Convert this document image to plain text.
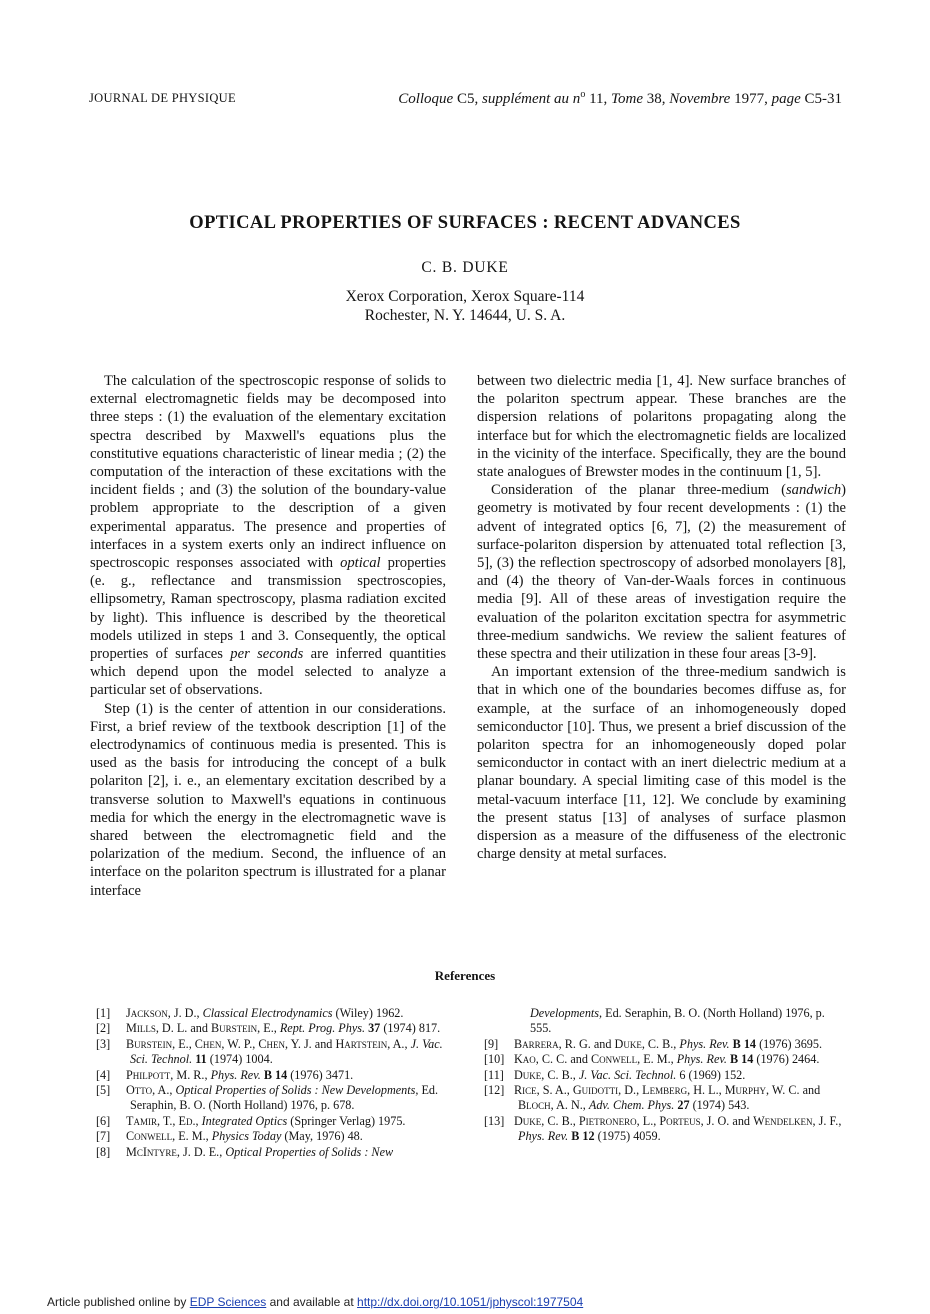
JOURNAL DE PHYSIQUE	Colloque C5, supplément au $n^o$ 11, Tome 38, Novembre 1977, page C5-31
OPTICAL PROPERTIES OF SURFACES : RECENT ADVANCES
C. B. DUKE
Xerox Corporation, Xerox Square-114
Rochester, N. Y. 14644, U. S. A.

The calculation of the spectroscopic response of solids to external electromagnetic fields may be decomposed into three steps : (1) the evaluation of the elementary excitation spectra described by Maxwell's equations plus the constitutive equations characteristic of linear media ; (2) the computation of the interaction of these excitations with the incident fields ; and (3) the solution of the boundary-value problem appropriate to the description of a given experimental apparatus. The presence and properties of interfaces in a system exerts only an indirect influence on spectroscopic responses associated with optical properties (e. g., reflectance and transmission spectroscopies, ellipsometry, Raman spectroscopy, plasma radiation excited by light). This influence is described by the theoretical models utilized in steps 1 and 3. Consequently, the optical properties of surfaces per seconds are inferred quantities which depend upon the model selected to analyze a particular set of observations.

Step (1) is the center of attention in our considerations. First, a brief review of the textbook description [1] of the electrodynamics of continuous media is presented. This is used as the basis for introducing the concept of a bulk polariton [2], i. e., an elementary excitation described by a transverse solution to Maxwell's equations in continuous media for which the energy in the electromagnetic wave is shared between the electromagnetic field and the polarization of the medium. Second, the influence of an interface on the polariton spectrum is illustrated for a planar interface

between two dielectric media [1, 4]. New surface branches of the polariton spectrum appear. These branches are the dispersion relations of polaritons propagating along the interface but for which the electromagnetic fields are localized in the vicinity of the interface. Specifically, they are the bound state analogues of Brewster modes in the continuum [1, 5].

Consideration of the planar three-medium (sandwich) geometry is motivated by four recent developments : (1) the advent of integrated optics [6, 7], (2) the measurement of surface-polariton dispersion by attenuated total reflection [3, 5], (3) the reflection spectroscopy of adsorbed monolayers [8], and (4) the theory of Van-der-Waals forces in continuous media [9]. All of these areas of investigation require the evaluation of the polariton excitation spectra for asymmetric three-medium sandwichs. We review the salient features of these spectra and their utilization in these four areas [3-9].

An important extension of the three-medium sandwich is that in which one of the boundaries becomes diffuse as, for example, at the surface of an inhomogeneously doped semiconductor [10]. Thus, we present a brief discussion of the polariton spectra for an inhomogeneously doped polar semiconductor in contact with an inert dielectric medium at a planar boundary. A special limiting case of this model is the metal-vacuum interface [11, 12]. We conclude by examining the present status [13] of analyses of surface plasmon dispersion as a measure of the diffuseness of the electronic charge density at metal surfaces.

References
[1] Jackson, J. D., Classical Electrodynamics (Wiley) 1962.
[2] Mills, D. L. and Burstein, E., Rept. Prog. Phys. 37 (1974) 817.
[3] Burstein, E., Chen, W. P., Chen, Y. J. and Hartstein, A., J. Vac. Sci. Technol. 11 (1974) 1004.
[4] Philpott, M. R., Phys. Rev. B 14 (1976) 3471.
[5] Otto, A., Optical Properties of Solids : New Developments, Ed. Seraphin, B. O. (North Holland) 1976, p. 678.
[6] Tamir, T., Ed., Integrated Optics (Springer Verlag) 1975.
[7] Conwell, E. M., Physics Today (May, 1976) 48.
[8] McIntyre, J. D. E., Optical Properties of Solids : New
Developments, Ed. Seraphin, B. O. (North Holland) 1976, p. 555.
[9] Barrera, R. G. and Duke, C. B., Phys. Rev. B 14 (1976) 3695.
[10] Kao, C. C. and Conwell, E. M., Phys. Rev. B 14 (1976) 2464.
[11] Duke, C. B., J. Vac. Sci. Technol. 6 (1969) 152.
[12] Rice, S. A., Guidotti, D., Lemberg, H. L., Murphy, W. C. and Bloch, A. N., Adv. Chem. Phys. 27 (1974) 543.
[13] Duke, C. B., Pietronero, L., Porteus, J. O. and Wendelken, J. F., Phys. Rev. B 12 (1975) 4059.
Article published online by EDP Sciences and available at http://dx.doi.org/10.1051/jphyscol:1977504
